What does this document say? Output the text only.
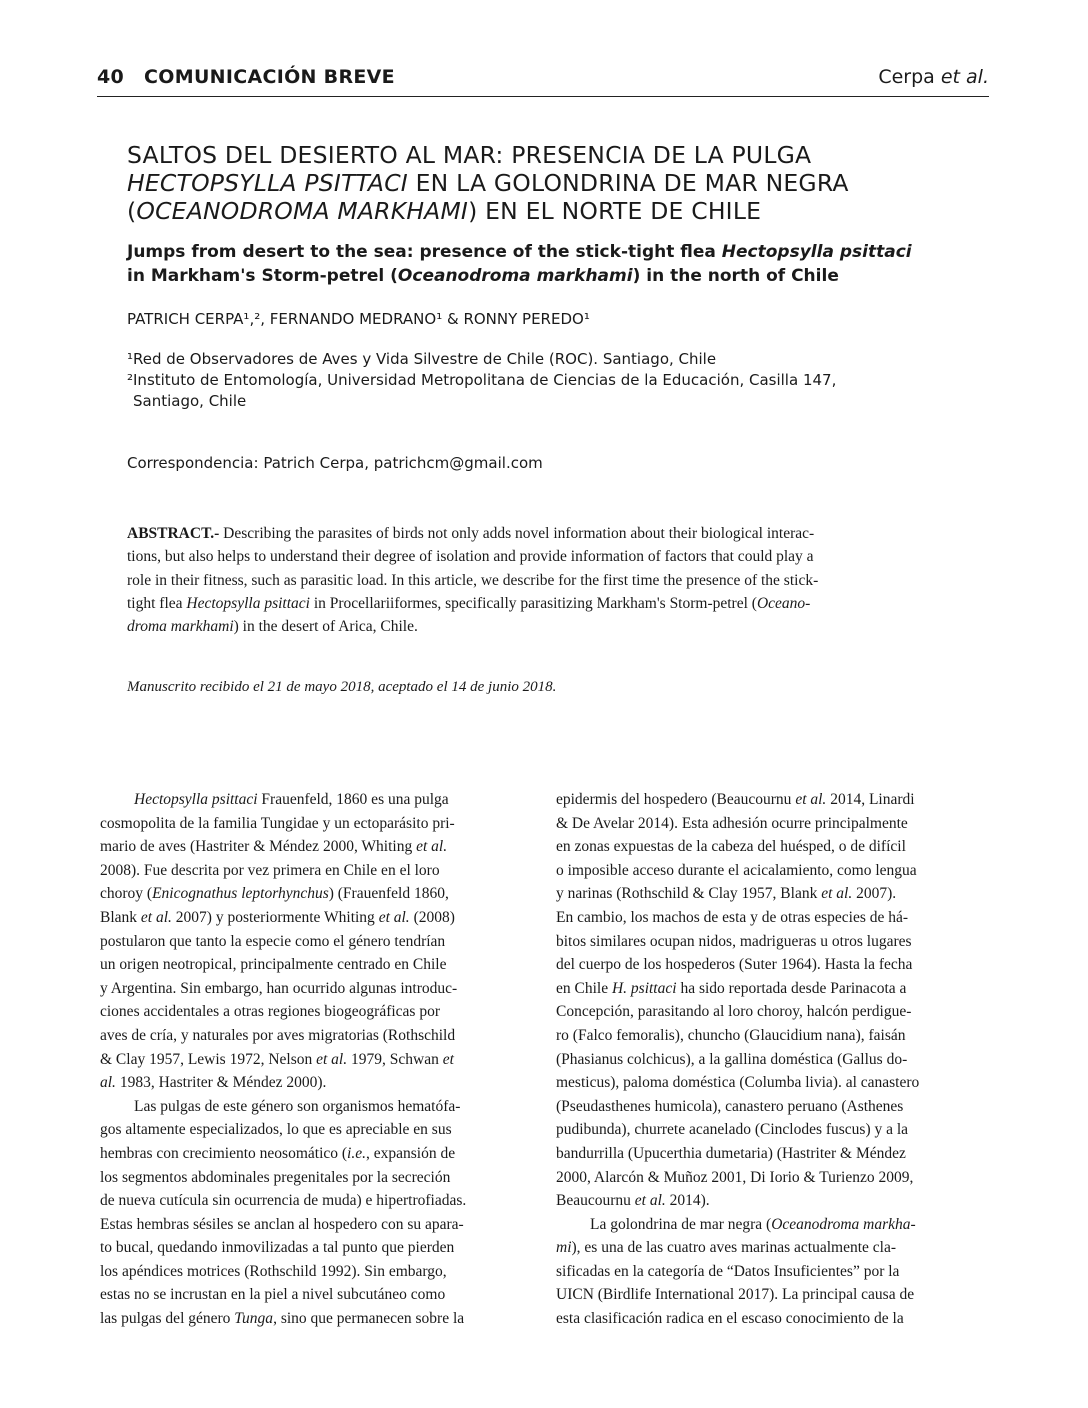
40 COMUNICACIÓN BREVE	Cerpa et al.
SALTOS DEL DESIERTO AL MAR: PRESENCIA DE LA PULGA
HECTOPSYLLA PSITTACI EN LA GOLONDRINA DE MAR NEGRA
(OCEANODROMA MARKHAMI) EN EL NORTE DE CHILE
Jumps from desert to the sea: presence of the stick-tight flea Hectopsylla psittaci
in Markham's Storm-petrel (Oceanodroma markhami) in the north of Chile
PATRICH CERPA¹,², FERNANDO MEDRANO¹ & RONNY PEREDO¹
¹Red de Observadores de Aves y Vida Silvestre de Chile (ROC). Santiago, Chile
²Instituto de Entomología, Universidad Metropolitana de Ciencias de la Educación, Casilla 147,
Santiago, Chile
Correspondencia: Patrich Cerpa, patrichcm@gmail.com
ABSTRACT.- Describing the parasites of birds not only adds novel information about their biological interac-
tions, but also helps to understand their degree of isolation and provide information of factors that could play a
role in their fitness, such as parasitic load. In this article, we describe for the first time the presence of the stick-
tight flea Hectopsylla psittaci in Procellariiformes, specifically parasitizing Markham's Storm-petrel (Oceano-
droma markhami) in the desert of Arica, Chile.
Manuscrito recibido el 21 de mayo 2018, aceptado el 14 de junio 2018.
Hectopsylla psittaci Frauenfeld, 1860 es una pulga
cosmopolita de la familia Tungidae y un ectoparásito pri-
mario de aves (Hastriter & Méndez 2000, Whiting et al.
2008). Fue descrita por vez primera en Chile en el loro
choroy (Enicognathus leptorhynchus) (Frauenfeld 1860,
Blank et al. 2007) y posteriormente Whiting et al. (2008)
postularon que tanto la especie como el género tendrían
un origen neotropical, principalmente centrado en Chile
y Argentina. Sin embargo, han ocurrido algunas introduc-
ciones accidentales a otras regiones biogeográficas por
aves de cría, y naturales por aves migratorias (Rothschild
& Clay 1957, Lewis 1972, Nelson et al. 1979, Schwan et
al. 1983, Hastriter & Méndez 2000).
Las pulgas de este género son organismos hematófa-
gos altamente especializados, lo que es apreciable en sus
hembras con crecimiento neosomático (i.e., expansión de
los segmentos abdominales pregenitales por la secreción
de nueva cutícula sin ocurrencia de muda) e hipertrofiadas.
Estas hembras sésiles se anclan al hospedero con su apara-
to bucal, quedando inmovilizadas a tal punto que pierden
los apéndices motrices (Rothschild 1992). Sin embargo,
estas no se incrustan en la piel a nivel subcutáneo como
las pulgas del género Tunga, sino que permanecen sobre la
epidermis del hospedero (Beaucournu et al. 2014, Linardi
& De Avelar 2014). Esta adhesión ocurre principalmente
en zonas expuestas de la cabeza del huésped, o de difícil
o imposible acceso durante el acicalamiento, como lengua
y narinas (Rothschild & Clay 1957, Blank et al. 2007).
En cambio, los machos de esta y de otras especies de há-
bitos similares ocupan nidos, madrigueras u otros lugares
del cuerpo de los hospederos (Suter 1964). Hasta la fecha
en Chile H. psittaci ha sido reportada desde Parinacota a
Concepción, parasitando al loro choroy, halcón perdigue-
ro (Falco femoralis), chuncho (Glaucidium nana), faisán
(Phasianus colchicus), a la gallina doméstica (Gallus do-
mesticus), paloma doméstica (Columba livia). al canastero
(Pseudasthenes humicola), canastero peruano (Asthenes
pudibunda), churrete acanelado (Cinclodes fuscus) y a la
bandurrilla (Upucerthia dumetaria) (Hastriter & Méndez
2000, Alarcón & Muñoz 2001, Di Iorio & Turienzo 2009,
Beaucournu et al. 2014).
La golondrina de mar negra (Oceanodroma markha-
mi), es una de las cuatro aves marinas actualmente cla-
sificadas en la categoría de “Datos Insuficientes” por la
UICN (Birdlife International 2017). La principal causa de
esta clasificación radica en el escaso conocimiento de la
